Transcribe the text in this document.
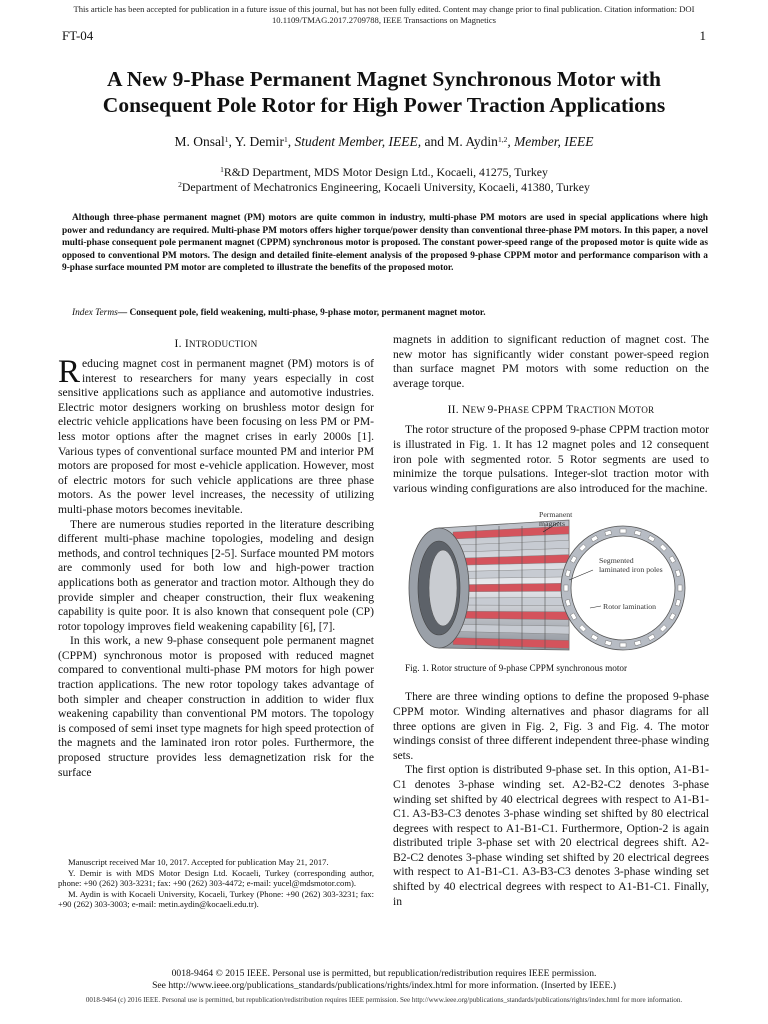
This article has been accepted for publication in a future issue of this journal, but has not been fully edited. Content may change prior to final publication. Citation information: DOI 10.1109/TMAG.2017.2709788, IEEE Transactions on Magnetics
FT-04	1
A New 9-Phase Permanent Magnet Synchronous Motor with
Consequent Pole Rotor for High Power Traction Applications
M. Onsal$^1$, Y. Demir$^1$, Student Member, IEEE, and M. Aydin$^{1,2}$, Member, IEEE
$^1$R&D Department, MDS Motor Design Ltd., Kocaeli, 41275, Turkey
$^2$Department of Mechatronics Engineering, Kocaeli University, Kocaeli, 41380, Turkey

Although three-phase permanent magnet (PM) motors are quite common in industry, multi-phase PM motors are used in special applications where high power and redundancy are required. Multi-phase PM motors offers higher torque/power density than conventional three-phase PM motors. In this paper, a novel multi-phase consequent pole permanent magnet (CPPM) synchronous motor is proposed. The constant power-speed range of the proposed motor is quite wide as opposed to conventional PM motors. The design and detailed finite-element analysis of the proposed 9-phase CPPM motor and performance comparison with a 9-phase surface mounted PM motor are completed to illustrate the benefits of the proposed motor.

Index Terms— Consequent pole, field weakening, multi-phase, 9-phase motor, permanent magnet motor.

I. INTRODUCTION

Reducing magnet cost in permanent magnet (PM) motors is of interest to researchers for many years especially in cost sensitive applications such as appliance and automotive industries. Electric motor designers working on brushless motor design for electric vehicle applications have been focusing on less PM or PM-less motor options after the magnet crises in early 2000s [1]. Various types of conventional surface mounted PM and interior PM motors are proposed for most e-vehicle application. However, most of electric motors for such vehicle applications are three phase motors. As the power level increases, the necessity of utilizing multi-phase motors becomes inevitable.

There are numerous studies reported in the literature describing different multi-phase machine topologies, modeling and design methods, and control techniques [2-5]. Surface mounted PM motors are commonly used for both low and high-power traction applications both as generator and traction motor. Although they do provide simpler and cheaper construction, their flux weakening capability is quite poor. It is also known that consequent pole (CP) rotor topology improves field weakening capability [6], [7].

In this work, a new 9-phase consequent pole permanent magnet (CPPM) synchronous motor is proposed with reduced magnet compared to conventional multi-phase PM motors for high power traction applications. The new rotor topology takes advantage of both simpler and cheaper construction in addition to wider flux weakening capability than conventional PM motors. The topology is composed of semi inset type magnets for high speed protection of the magnets and the laminated iron rotor poles. Furthermore, the proposed structure provides less demagnetization risk for the surface

Manuscript received Mar 10, 2017. Accepted for publication May 21, 2017.

Y. Demir is with MDS Motor Design Ltd. Kocaeli, Turkey (corresponding author, phone: +90 (262) 303-3231; fax: +90 (262) 303-4472; e-mail: yucel@mdsmotor.com).

M. Aydin is with Kocaeli University, Kocaeli, Turkey (Phone: +90 (262) 303-3231; fax: +90 (262) 303-3003; e-mail: metin.aydin@kocaeli.edu.tr).

magnets in addition to significant reduction of magnet cost. The new motor has significantly wider constant power-speed region than surface magnet PM motors with some reduction on the average torque.

II. NEW 9-PHASE CPPM TRACTION MOTOR

The rotor structure of the proposed 9-phase CPPM traction motor is illustrated in Fig. 1. It has 12 magnet poles and 12 consequent iron pole with segmented rotor. 5 Rotor segments are used to minimize the torque pulsations. Integer-slot traction motor with various winding configurations are also introduced for the machine.

Permanent magnets
Segmented laminated iron poles
Rotor lamination

Fig. 1. Rotor structure of 9-phase CPPM synchronous motor

There are three winding options to define the proposed 9-phase CPPM motor. Winding alternatives and phasor diagrams for all three options are given in Fig. 2, Fig. 3 and Fig. 4. The motor windings consist of three different independent three-phase winding sets.

The first option is distributed 9-phase set. In this option, A1-B1-C1 denotes 3-phase winding set. A2-B2-C2 denotes 3-phase winding set shifted by 40 electrical degrees with respect to A1-B1-C1. A3-B3-C3 denotes 3-phase winding set shifted by 80 electrical degrees with respect to A1-B1-C1. Furthermore, Option-2 is again distributed triple 3-phase set with 20 electrical degrees shift. A2-B2-C2 denotes 3-phase winding set shifted by 20 electrical degrees with respect to A1-B1-C1. A3-B3-C3 denotes 3-phase winding set shifted by 40 electrical degrees with respect to A1-B1-C1. Finally, in

0018-9464 © 2015 IEEE. Personal use is permitted, but republication/redistribution requires IEEE permission.
See http://www.ieee.org/publications_standards/publications/rights/index.html for more information. (Inserted by IEEE.)
0018-9464 (c) 2016 IEEE. Personal use is permitted, but republication/redistribution requires IEEE permission. See http://www.ieee.org/publications_standards/publications/rights/index.html for more information.
